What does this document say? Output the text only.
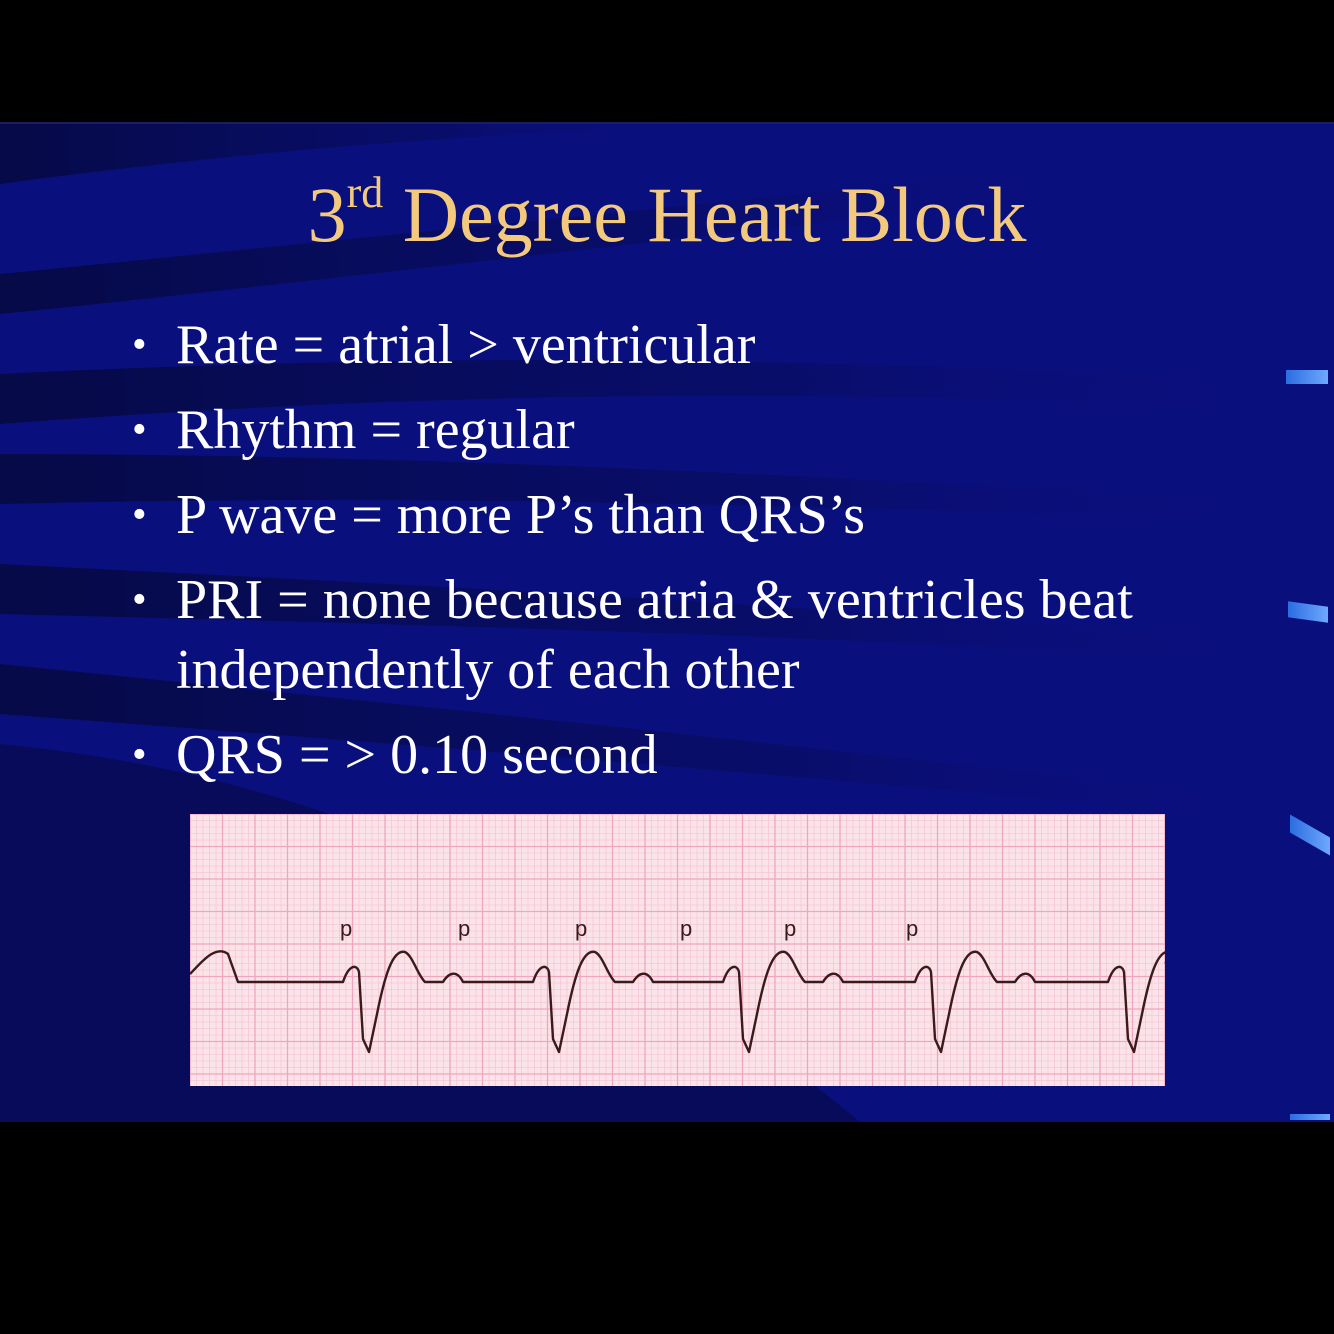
3rd Degree Heart Block
• Rate = atrial > ventricular
• Rhythm = regular
• P wave = more P’s than QRS’s
• PRI = none because atria & ventricles beat independently of each other
• QRS = > 0.10 second
p	p	p	p	p	p
